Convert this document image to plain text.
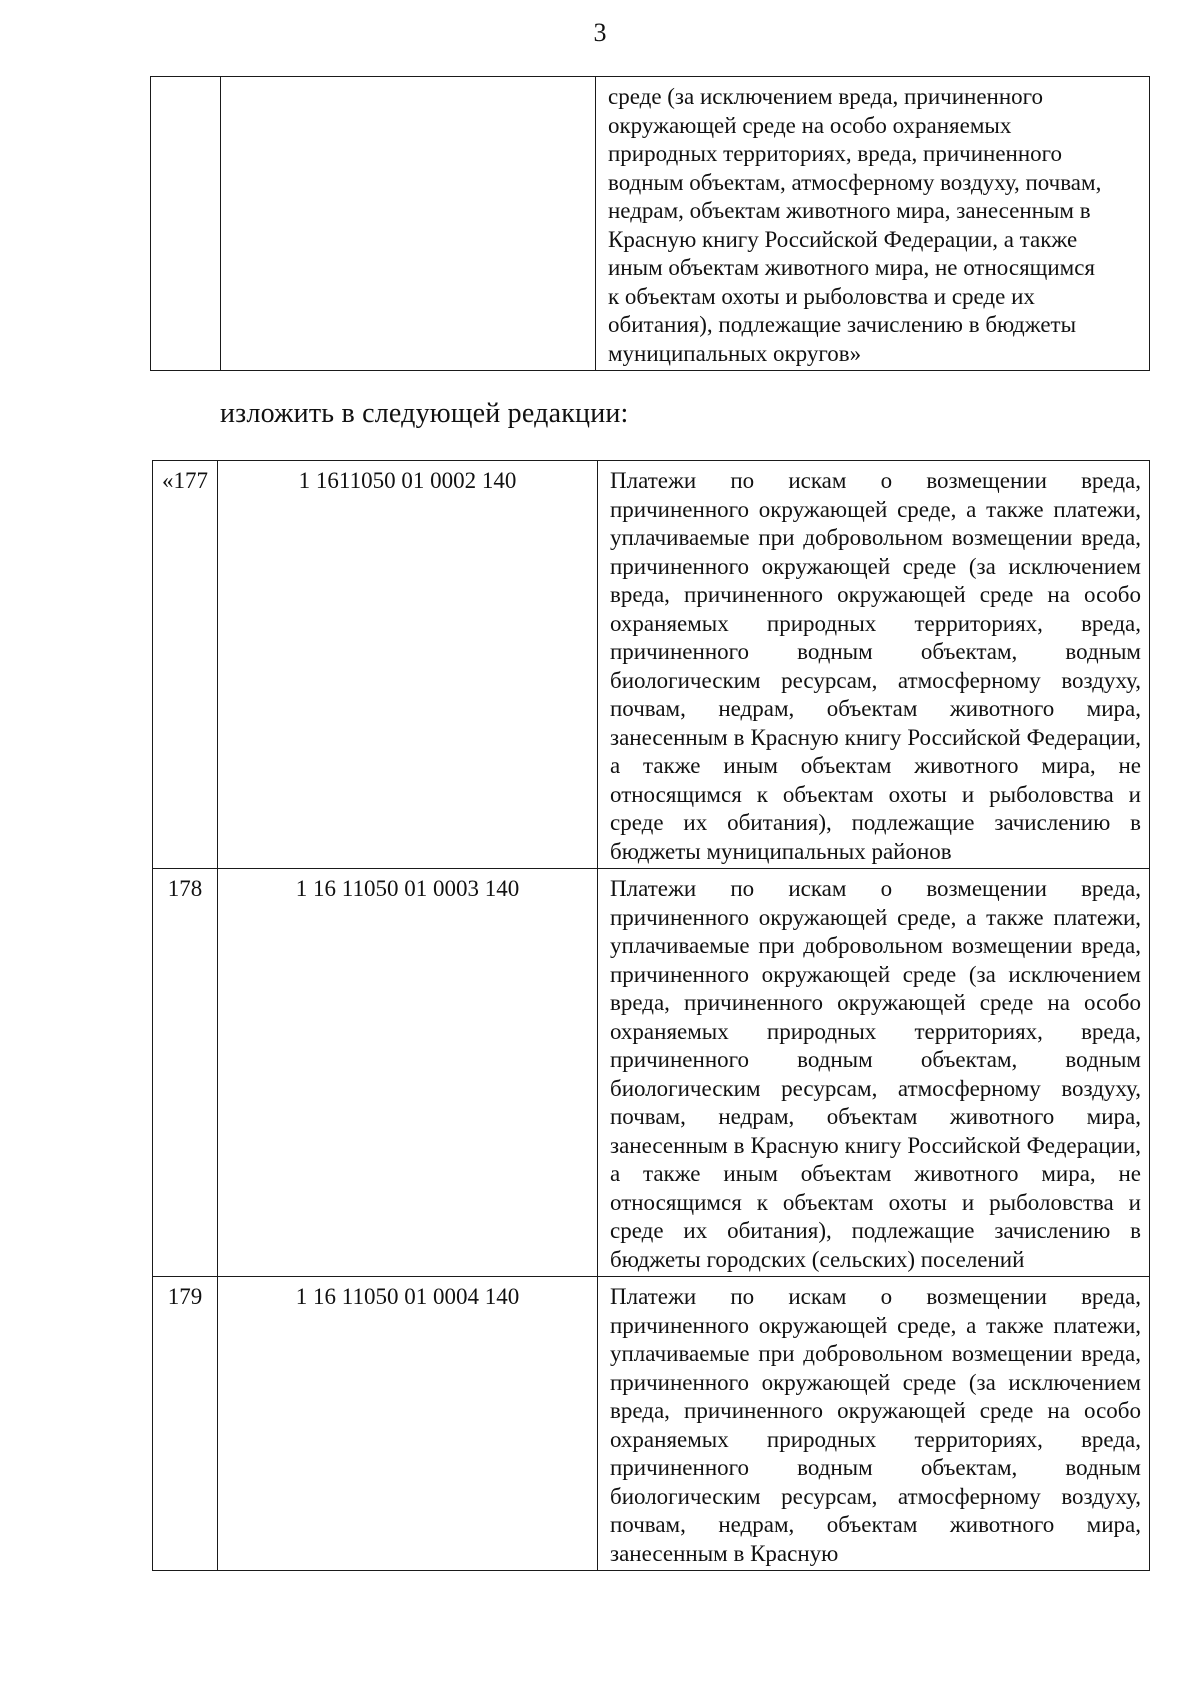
3

среде (за исключением вреда, причиненного
окружающей среде на особо охраняемых
природных территориях, вреда, причиненного
водным объектам, атмосферному воздуху, почвам,
недрам, объектам животного мира, занесенным в
Красную книгу Российской Федерации, а также
иным объектам животного мира, не относящимся
к объектам охоты и рыболовства и среде их
обитания), подлежащие зачислению в бюджеты
муниципальных округов»
изложить в следующей редакции:
«177	1 1611050 01 0002 140	Платежи по искам о возмещении вреда, причиненного окружающей среде, а также платежи, уплачиваемые при добровольном возмещении вреда, причиненного окружающей среде (за исключением вреда, причиненного окружающей среде на особо охраняемых природных территориях, вреда, причиненного водным объектам, водным биологическим ресурсам, атмосферному воздуху, почвам, недрам, объектам животного мира, занесенным в Красную книгу Российской Федерации, а также иным объектам животного мира, не относящимся к объектам охоты и рыболовства и среде их обитания), подлежащие зачислению в бюджеты муниципальных районов
178	1 16 11050 01 0003 140	Платежи по искам о возмещении вреда, причиненного окружающей среде, а также платежи, уплачиваемые при добровольном возмещении вреда, причиненного окружающей среде (за исключением вреда, причиненного окружающей среде на особо охраняемых природных территориях, вреда, причиненного водным объектам, водным биологическим ресурсам, атмосферному воздуху, почвам, недрам, объектам животного мира, занесенным в Красную книгу Российской Федерации, а также иным объектам животного мира, не относящимся к объектам охоты и рыболовства и среде их обитания), подлежащие зачислению в бюджеты городских (сельских) поселений
179	1 16 11050 01 0004 140	Платежи по искам о возмещении вреда, причиненного окружающей среде, а также платежи, уплачиваемые при добровольном возмещении вреда, причиненного окружающей среде (за исключением вреда, причиненного окружающей среде на особо охраняемых природных территориях, вреда, причиненного водным объектам, водным биологическим ресурсам, атмосферному воздуху, почвам, недрам, объектам животного мира, занесенным в Красную
